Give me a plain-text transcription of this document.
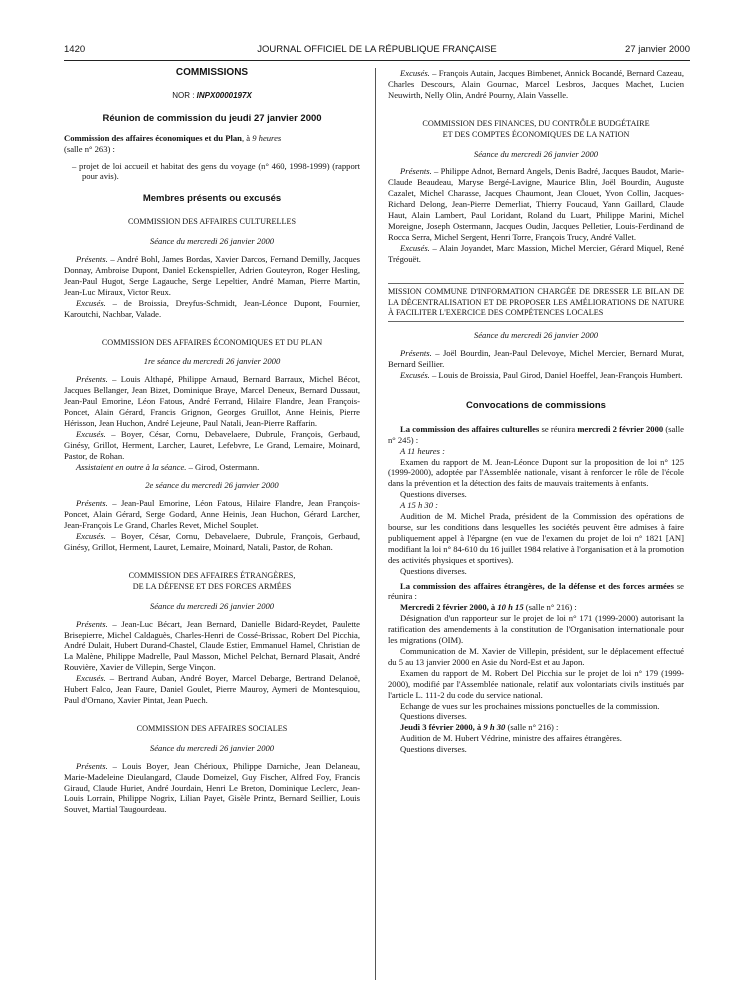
1420	JOURNAL OFFICIEL DE LA RÉPUBLIQUE FRANÇAISE	27 janvier 2000

COMMISSIONS

NOR : INPX0000197X

Réunion de commission du jeudi 27 janvier 2000

Commission des affaires économiques et du Plan, à 9 heures
(salle n° 263) :

– projet de loi accueil et habitat des gens du voyage (n° 460, 1998-1999) (rapport pour avis).

Membres présents ou excusés

COMMISSION DES AFFAIRES CULTURELLES

Séance du mercredi 26 janvier 2000

Présents. – André Bohl, James Bordas, Xavier Darcos, Fernand Demilly, Jacques Donnay, Ambroise Dupont, Daniel Eckenspieller, Adrien Gouteyron, Roger Hesling, Jean-Paul Hugot, Serge Lagauche, Serge Lepeltier, André Maman, Pierre Martin, Jean-Luc Miraux, Victor Reux.

Excusés. – de Broissia, Dreyfus-Schmidt, Jean-Léonce Dupont, Fournier, Karoutchi, Nachbar, Valade.

COMMISSION DES AFFAIRES ÉCONOMIQUES ET DU PLAN

1re séance du mercredi 26 janvier 2000

Présents. – Louis Althapé, Philippe Arnaud, Bernard Barraux, Michel Bécot, Jacques Bellanger, Jean Bizet, Dominique Braye, Marcel Deneux, Bernard Dussaut, Jean-Paul Emorine, Léon Fatous, André Ferrand, Hilaire Flandre, Jean François-Poncet, Alain Gérard, Francis Grignon, Georges Gruillot, Anne Heinis, Pierre Hérisson, Jean Huchon, André Lejeune, Paul Natali, Jean-Pierre Raffarin.

Excusés. – Boyer, César, Cornu, Debavelaere, Dubrule, François, Gerbaud, Ginésy, Grillot, Herment, Larcher, Lauret, Lefebvre, Le Grand, Lemaire, Moinard, Pastor, de Rohan.

Assistaient en outre à la séance. – Girod, Ostermann.

2e séance du mercredi 26 janvier 2000

Présents. – Jean-Paul Emorine, Léon Fatous, Hilaire Flandre, Jean François-Poncet, Alain Gérard, Serge Godard, Anne Heinis, Jean Huchon, Gérard Larcher, Jean-François Le Grand, Charles Revet, Michel Souplet.

Excusés. – Boyer, César, Cornu, Debavelaere, Dubrule, François, Gerbaud, Ginésy, Grillot, Herment, Lauret, Lemaire, Moinard, Natali, Pastor, de Rohan.

COMMISSION DES AFFAIRES ÉTRANGÈRES,
DE LA DÉFENSE ET DES FORCES ARMÉES

Séance du mercredi 26 janvier 2000

Présents. – Jean-Luc Bécart, Jean Bernard, Danielle Bidard-Reydet, Paulette Brisepierre, Michel Caldaguès, Charles-Henri de Cossé-Brissac, Robert Del Picchia, André Dulait, Hubert Durand-Chastel, Claude Estier, Emmanuel Hamel, Christian de La Malène, Philippe Madrelle, Paul Masson, Michel Pelchat, Bernard Plasait, André Rouvière, Xavier de Villepin, Serge Vinçon.

Excusés. – Bertrand Auban, André Boyer, Marcel Debarge, Bertrand Delanoë, Hubert Falco, Jean Faure, Daniel Goulet, Pierre Mauroy, Aymeri de Montesquiou, Paul d'Ornano, Xavier Pintat, Jean Puech.

COMMISSION DES AFFAIRES SOCIALES

Séance du mercredi 26 janvier 2000

Présents. – Louis Boyer, Jean Chérioux, Philippe Darniche, Jean Delaneau, Marie-Madeleine Dieulangard, Claude Domeizel, Guy Fischer, Alfred Foy, Francis Giraud, Claude Huriet, André Jourdain, Henri Le Breton, Dominique Leclerc, Jean-Louis Lorrain, Philippe Nogrix, Lilian Payet, Gisèle Printz, Bernard Seillier, Louis Souvet, Martial Taugourdeau.

Excusés. – François Autain, Jacques Bimbenet, Annick Bocandé, Bernard Cazeau, Charles Descours, Alain Gournac, Marcel Lesbros, Jacques Machet, Lucien Neuwirth, Nelly Olin, André Pourny, Alain Vasselle.

COMMISSION DES FINANCES, DU CONTRÔLE BUDGÉTAIRE
ET DES COMPTES ÉCONOMIQUES DE LA NATION

Séance du mercredi 26 janvier 2000

Présents. – Philippe Adnot, Bernard Angels, Denis Badré, Jacques Baudot, Marie-Claude Beaudeau, Maryse Bergé-Lavigne, Maurice Blin, Joël Bourdin, Auguste Cazalet, Michel Charasse, Jacques Chaumont, Jean Clouet, Yvon Collin, Jacques-Richard Delong, Jean-Pierre Demerliat, Thierry Foucaud, Yann Gaillard, Claude Haut, Alain Lambert, Paul Loridant, Roland du Luart, Philippe Marini, Michel Moreigne, Joseph Ostermann, Jacques Oudin, Jacques Pelletier, Louis-Ferdinand de Rocca Serra, Michel Sergent, Henri Torre, François Trucy, André Vallet.

Excusés. – Alain Joyandet, Marc Massion, Michel Mercier, Gérard Miquel, René Trégouët.

MISSION COMMUNE D'INFORMATION CHARGÉE DE DRESSER LE BILAN DE LA DÉCENTRALISATION ET DE PROPOSER LES AMÉLIORATIONS DE NATURE À FACILITER L'EXERCICE DES COMPÉTENCES LOCALES

Séance du mercredi 26 janvier 2000

Présents. – Joël Bourdin, Jean-Paul Delevoye, Michel Mercier, Bernard Murat, Bernard Seillier.

Excusés. – Louis de Broissia, Paul Girod, Daniel Hoeffel, Jean-François Humbert.

Convocations de commissions

La commission des affaires culturelles se réunira mercredi 2 février 2000 (salle n° 245) :

A 11 heures :

Examen du rapport de M. Jean-Léonce Dupont sur la proposition de loi n° 125 (1999-2000), adoptée par l'Assemblée nationale, visant à renforcer le rôle de l'école dans la prévention et la détection des faits de mauvais traitements à enfants.

Questions diverses.

A 15 h 30 :

Audition de M. Michel Prada, président de la Commission des opérations de bourse, sur les conditions dans lesquelles les sociétés peuvent être admises à faire publiquement appel à l'épargne (en vue de l'examen du projet de loi n° 1821 [AN] modifiant la loi n° 84-610 du 16 juillet 1984 relative à l'organisation et à la promotion des activités physiques et sportives).

Questions diverses.

La commission des affaires étrangères, de la défense et des forces armées se réunira :

Mercredi 2 février 2000, à 10 h 15 (salle n° 216) :

Désignation d'un rapporteur sur le projet de loi n° 171 (1999-2000) autorisant la ratification des amendements à la constitution de l'Organisation internationale pour les migrations (OIM).

Communication de M. Xavier de Villepin, président, sur le déplacement effectué du 5 au 13 janvier 2000 en Asie du Nord-Est et au Japon.

Examen du rapport de M. Robert Del Picchia sur le projet de loi n° 179 (1999-2000), modifié par l'Assemblée nationale, relatif aux volontariats civils institués par l'article L. 111-2 du code du service national.

Echange de vues sur les prochaines missions ponctuelles de la commission.

Questions diverses.

Jeudi 3 février 2000, à 9 h 30 (salle n° 216) :

Audition de M. Hubert Védrine, ministre des affaires étrangères.

Questions diverses.
